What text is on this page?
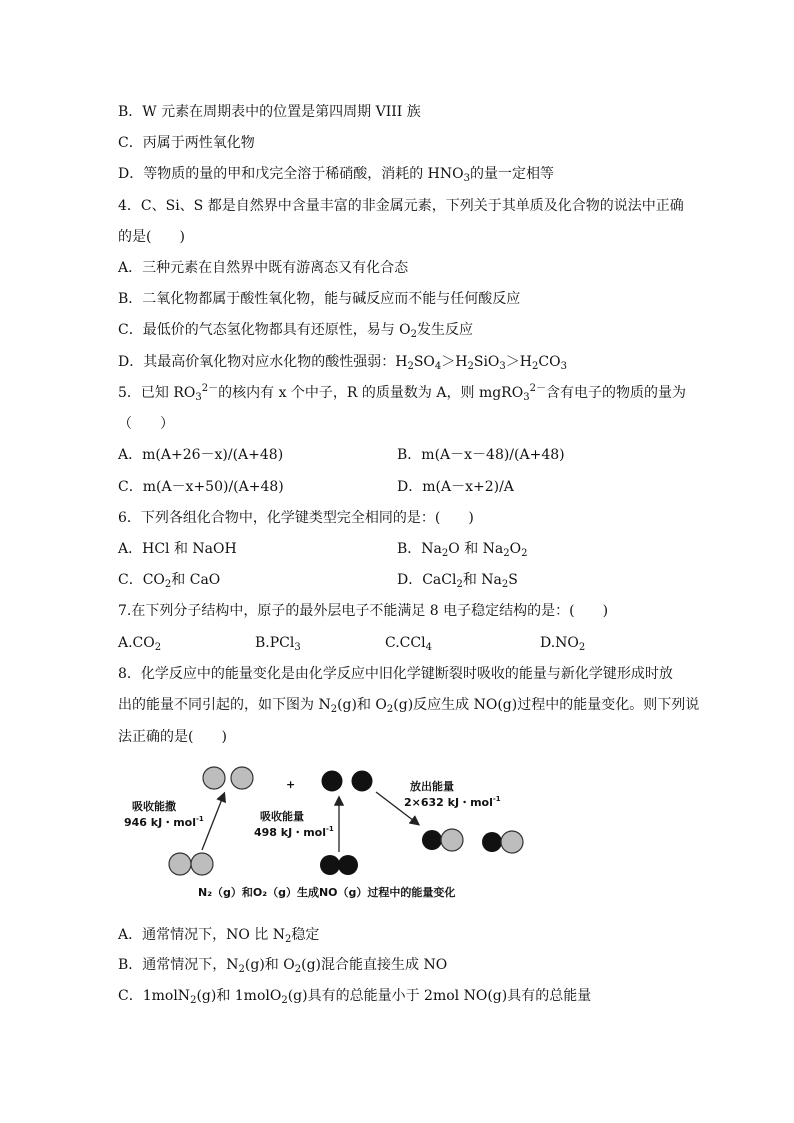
B．W 元素在周期表中的位置是第四周期 VIII 族
C．丙属于两性氧化物
D．等物质的量的甲和戊完全溶于稀硝酸，消耗的 $HNO_3$的量一定相等
4．C、Si、S 都是自然界中含量丰富的非金属元素，下列关于其单质及化合物的说法中正确
的是(　　)
A．三种元素在自然界中既有游离态又有化合态
B．二氧化物都属于酸性氧化物，能与碱反应而不能与任何酸反应
C．最低价的气态氢化物都具有还原性，易与 $O_2$发生反应
D．其最高价氧化物对应水化物的酸性强弱：$H_2SO_4>H_2SiO_3>H_2CO_3$
5．已知 $RO_3^{2-}$的核内有 x 个中子，R 的质量数为 A，则 mgRO$_3^{2-}$含有电子的物质的量为
（　　）
A．m(A+26－x)/(A+48)	B．m(A－x－48)/(A+48)
C．m(A－x+50)/(A+48)	D．m(A－x+2)/A
6．下列各组化合物中，化学键类型完全相同的是：(　　)
A．HCl 和 NaOH	B．$Na_2O$ 和 $Na_2O_2$
C．$CO_2$和 CaO	D．CaCl$_2$和 $Na_2S$
7.在下列分子结构中，原子的最外层电子不能满足 8 电子稳定结构的是：(　　)
$A.CO_2$	B.PCl$_3$	C.CCl$_4$	$D.NO_2$
8．化学反应中的能量变化是由化学反应中旧化学键断裂时吸收的能量与新化学键形成时放
出的能量不同引起的，如下图为 $N_2(g)$和 $O_2(g)$反应生成 NO(g)过程中的能量变化。则下列说
法正确的是(　　)
+
吸收能撒
946 kJ・mol$^{-1}$	吸收能量
498 kJ・mol$^{-1}$
放出能量
2×632 kJ・mol$^{-1}$
N₂（g）和O₂（g）生成NO（g）过程中的能量变化
A．通常情况下，NO 比 $N_2$稳定
B．通常情况下，$N_2(g)$和 $O_2(g)$混合能直接生成 NO
C．1molN$_2$(g)和 1molO$_2$(g)具有的总能量小于 2mol NO(g)具有的总能量
